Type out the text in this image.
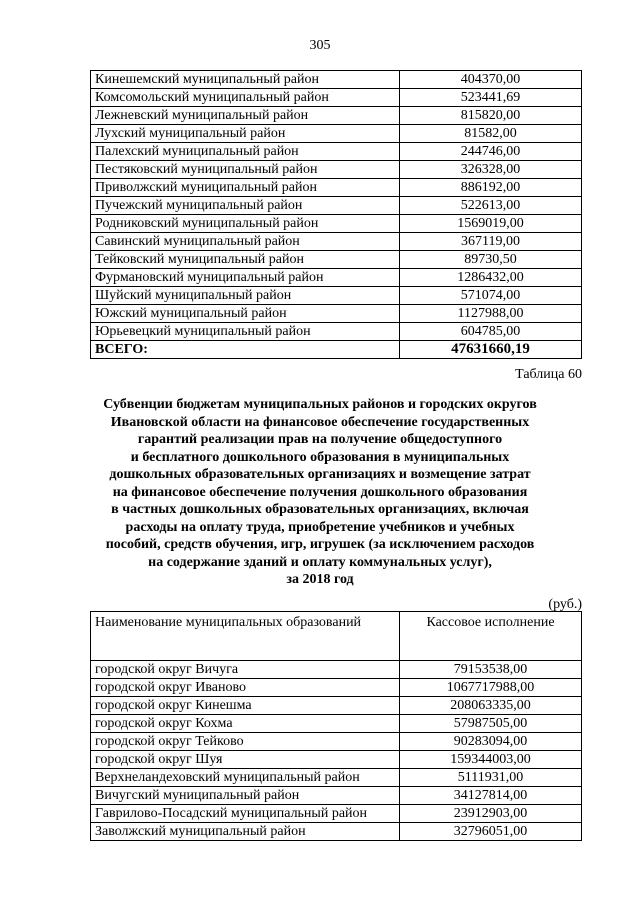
305
Кинешемский муниципальный район	404370,00
Комсомольский муниципальный район	523441,69
Лежневский муниципальный район	815820,00
Лухский муниципальный район	81582,00
Палехский муниципальный район	244746,00
Пестяковский муниципальный район	326328,00
Приволжский муниципальный район	886192,00
Пучежский муниципальный район	522613,00
Родниковский муниципальный район	1569019,00
Савинский муниципальный район	367119,00
Тейковский муниципальный район	89730,50
Фурмановский муниципальный район	1286432,00
Шуйский муниципальный район	571074,00
Южский муниципальный район	1127988,00
Юрьевецкий муниципальный район	604785,00
ВСЕГО:	47631660,19
Таблица 60
Субвенции бюджетам муниципальных районов и городских округов
Ивановской области на финансовое обеспечение государственных
гарантий реализации прав на получение общедоступного
и бесплатного дошкольного образования в муниципальных
дошкольных образовательных организациях и возмещение затрат
на финансовое обеспечение получения дошкольного образования
в частных дошкольных образовательных организациях, включая
расходы на оплату труда, приобретение учебников и учебных
пособий, средств обучения, игр, игрушек (за исключением расходов
на содержание зданий и оплату коммунальных услуг),
за 2018 год
(руб.)
Наименование муниципальных образований	Кассовое исполнение
городской округ Вичуга	79153538,00
городской округ Иваново	1067717988,00
городской округ Кинешма	208063335,00
городской округ Кохма	57987505,00
городской округ Тейково	90283094,00
городской округ Шуя	159344003,00
Верхнеландеховский муниципальный район	5111931,00
Вичугский муниципальный район	34127814,00
Гаврилово-Посадский муниципальный район	23912903,00
Заволжский муниципальный район	32796051,00
